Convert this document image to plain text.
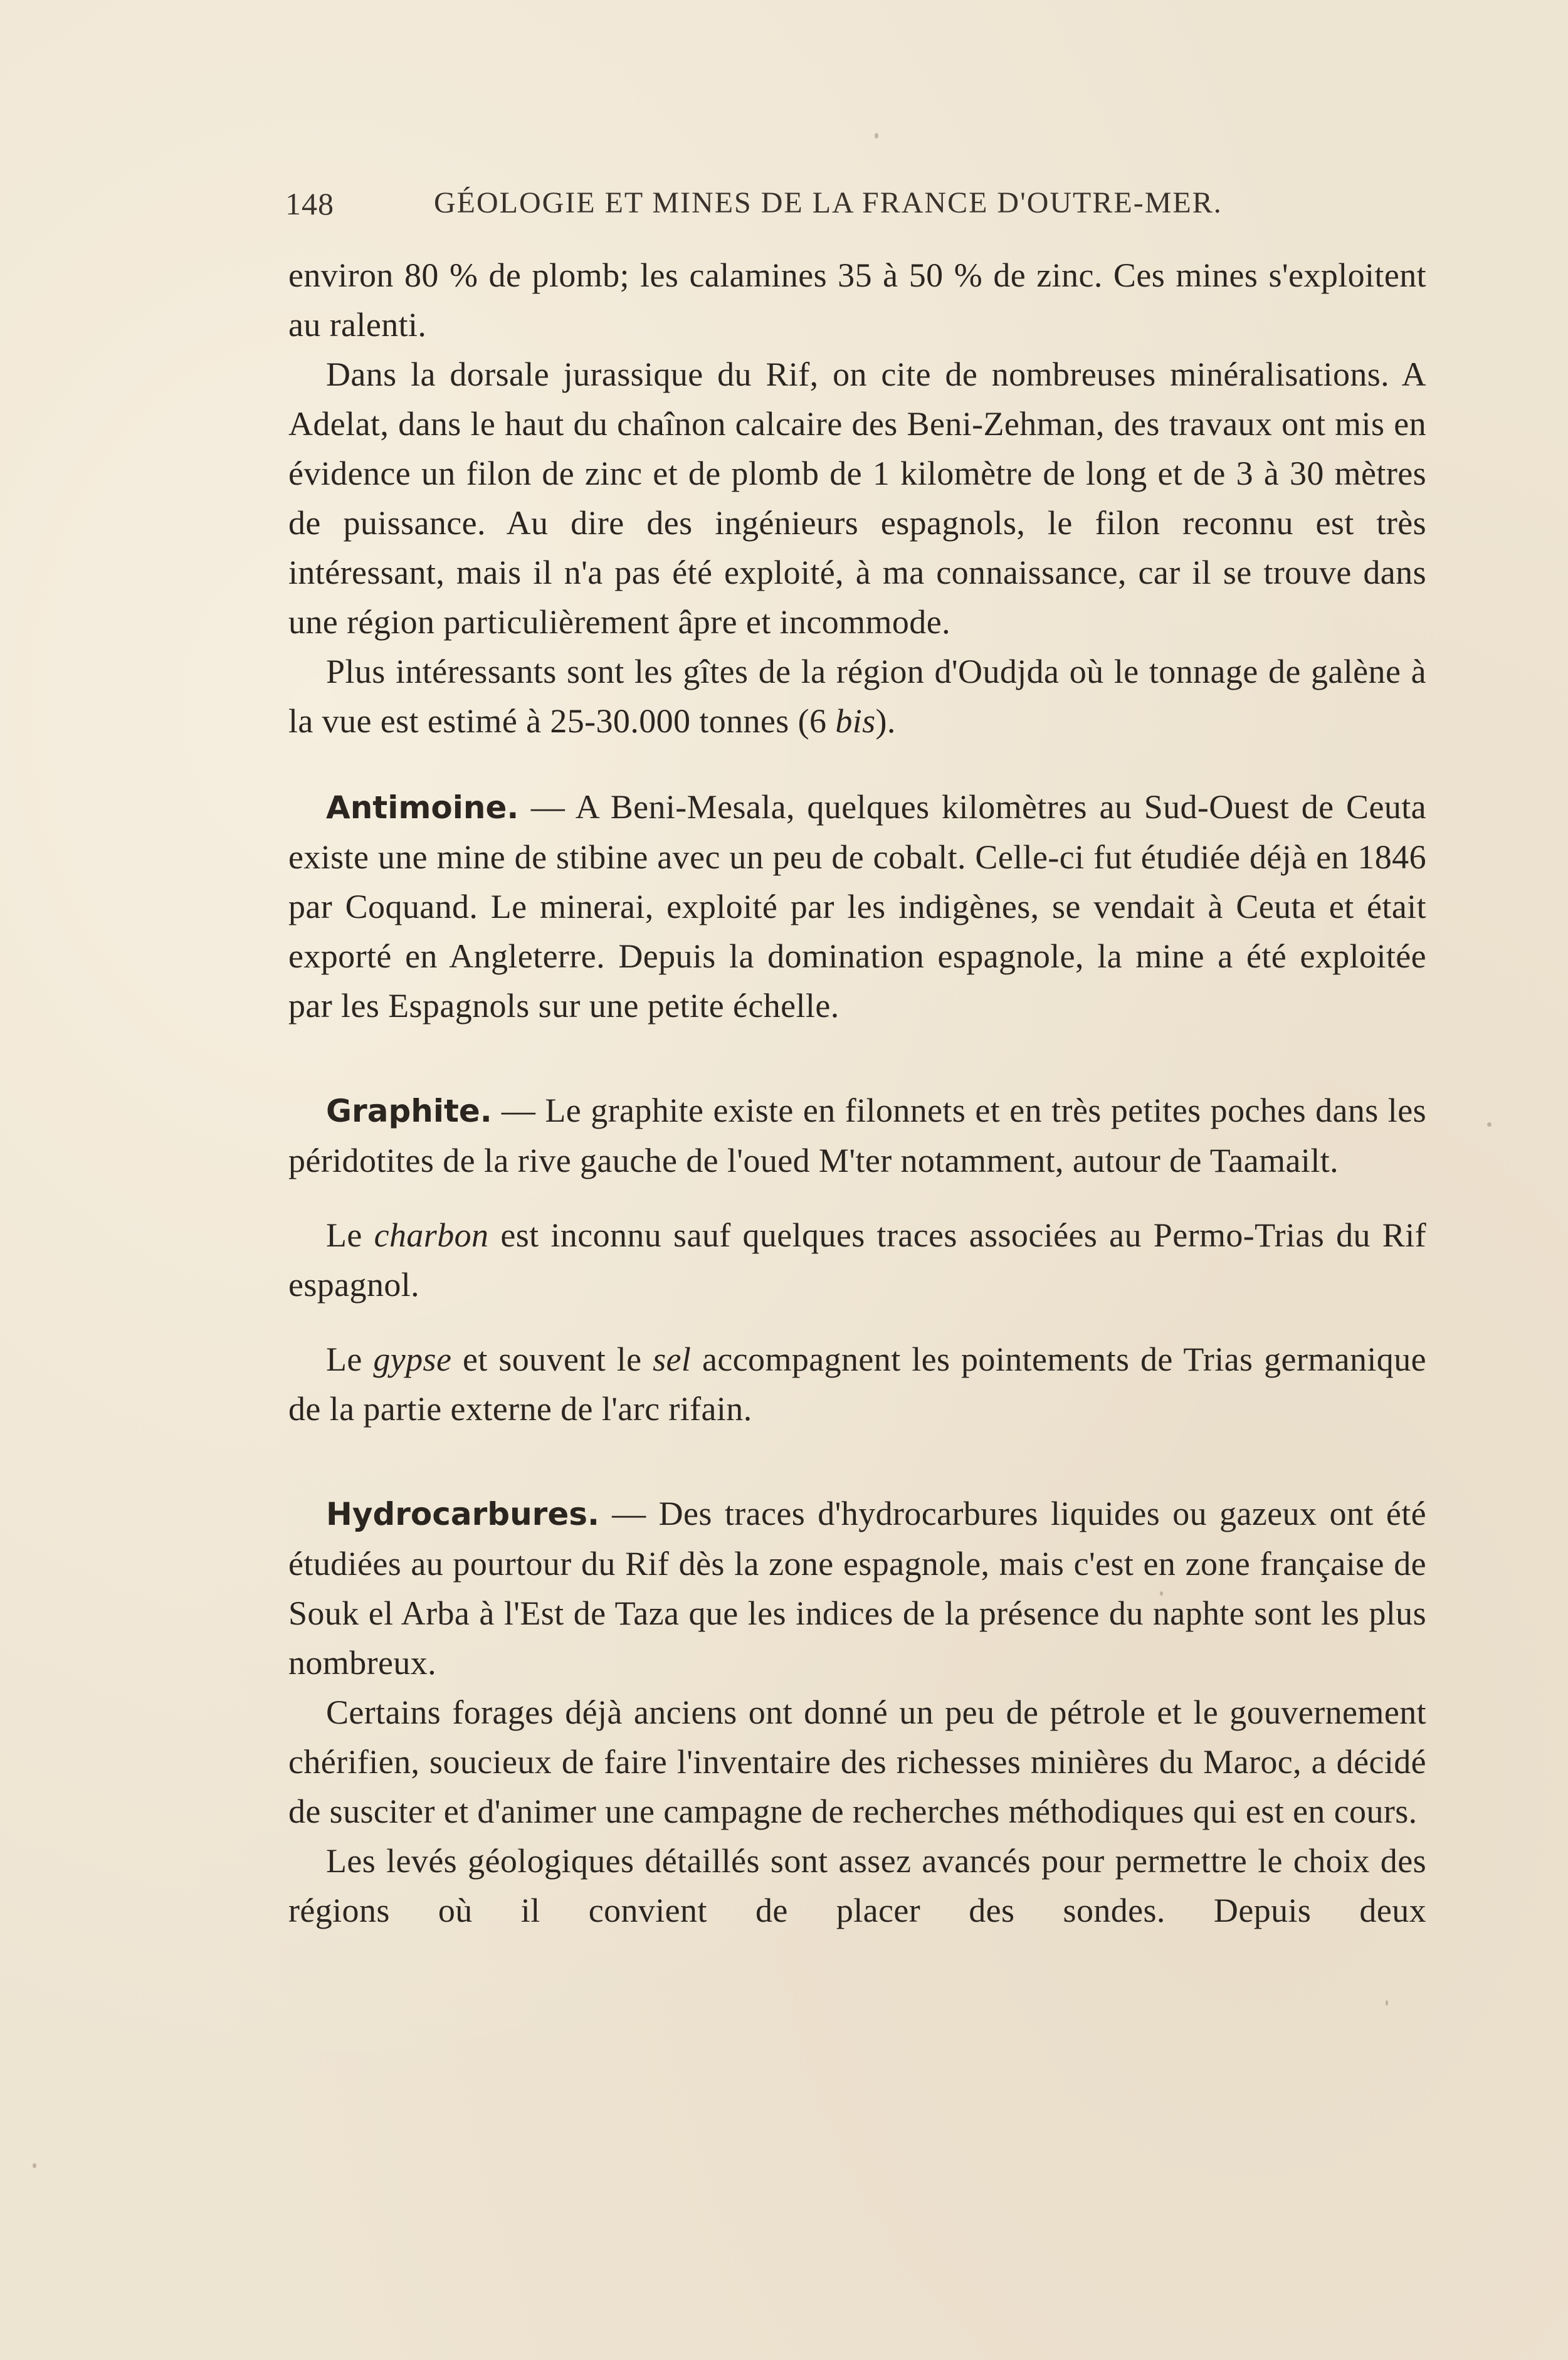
148	GÉOLOGIE ET MINES DE LA FRANCE D'OUTRE-MER.

environ 80 % de plomb; les calamines 35 à 50 % de zinc. Ces mines s'exploitent au ralenti.

Dans la dorsale jurassique du Rif, on cite de nombreuses minéralisations. A Adelat, dans le haut du chaînon calcaire des Beni-Zehman, des travaux ont mis en évidence un filon de zinc et de plomb de 1 kilomètre de long et de 3 à 30 mètres de puissance. Au dire des ingénieurs espagnols, le filon reconnu est très intéressant, mais il n'a pas été exploité, à ma connaissance, car il se trouve dans une région particulièrement âpre et incommode.

Plus intéressants sont les gîtes de la région d'Oudjda où le tonnage de galène à la vue est estimé à 25-30.000 tonnes (6 bis).

Antimoine. — A Beni-Mesala, quelques kilomètres au Sud-Ouest de Ceuta existe une mine de stibine avec un peu de cobalt. Celle-ci fut étudiée déjà en 1846 par Coquand. Le minerai, exploité par les indigènes, se vendait à Ceuta et était exporté en Angleterre. Depuis la domination espagnole, la mine a été exploitée par les Espagnols sur une petite échelle.

Graphite. — Le graphite existe en filonnets et en très petites poches dans les péridotites de la rive gauche de l'oued M'ter notamment, autour de Taamailt.

Le charbon est inconnu sauf quelques traces associées au Permo-Trias du Rif espagnol.

Le gypse et souvent le sel accompagnent les pointements de Trias germanique de la partie externe de l'arc rifain.

Hydrocarbures. — Des traces d'hydrocarbures liquides ou gazeux ont été étudiées au pourtour du Rif dès la zone espagnole, mais c'est en zone française de Souk el Arba à l'Est de Taza que les indices de la présence du naphte sont les plus nombreux.

Certains forages déjà anciens ont donné un peu de pétrole et le gouvernement chérifien, soucieux de faire l'inventaire des richesses minières du Maroc, a décidé de susciter et d'animer une campagne de recherches méthodiques qui est en cours.

Les levés géologiques détaillés sont assez avancés pour permettre le choix des régions où il convient de placer des sondes. Depuis deux
